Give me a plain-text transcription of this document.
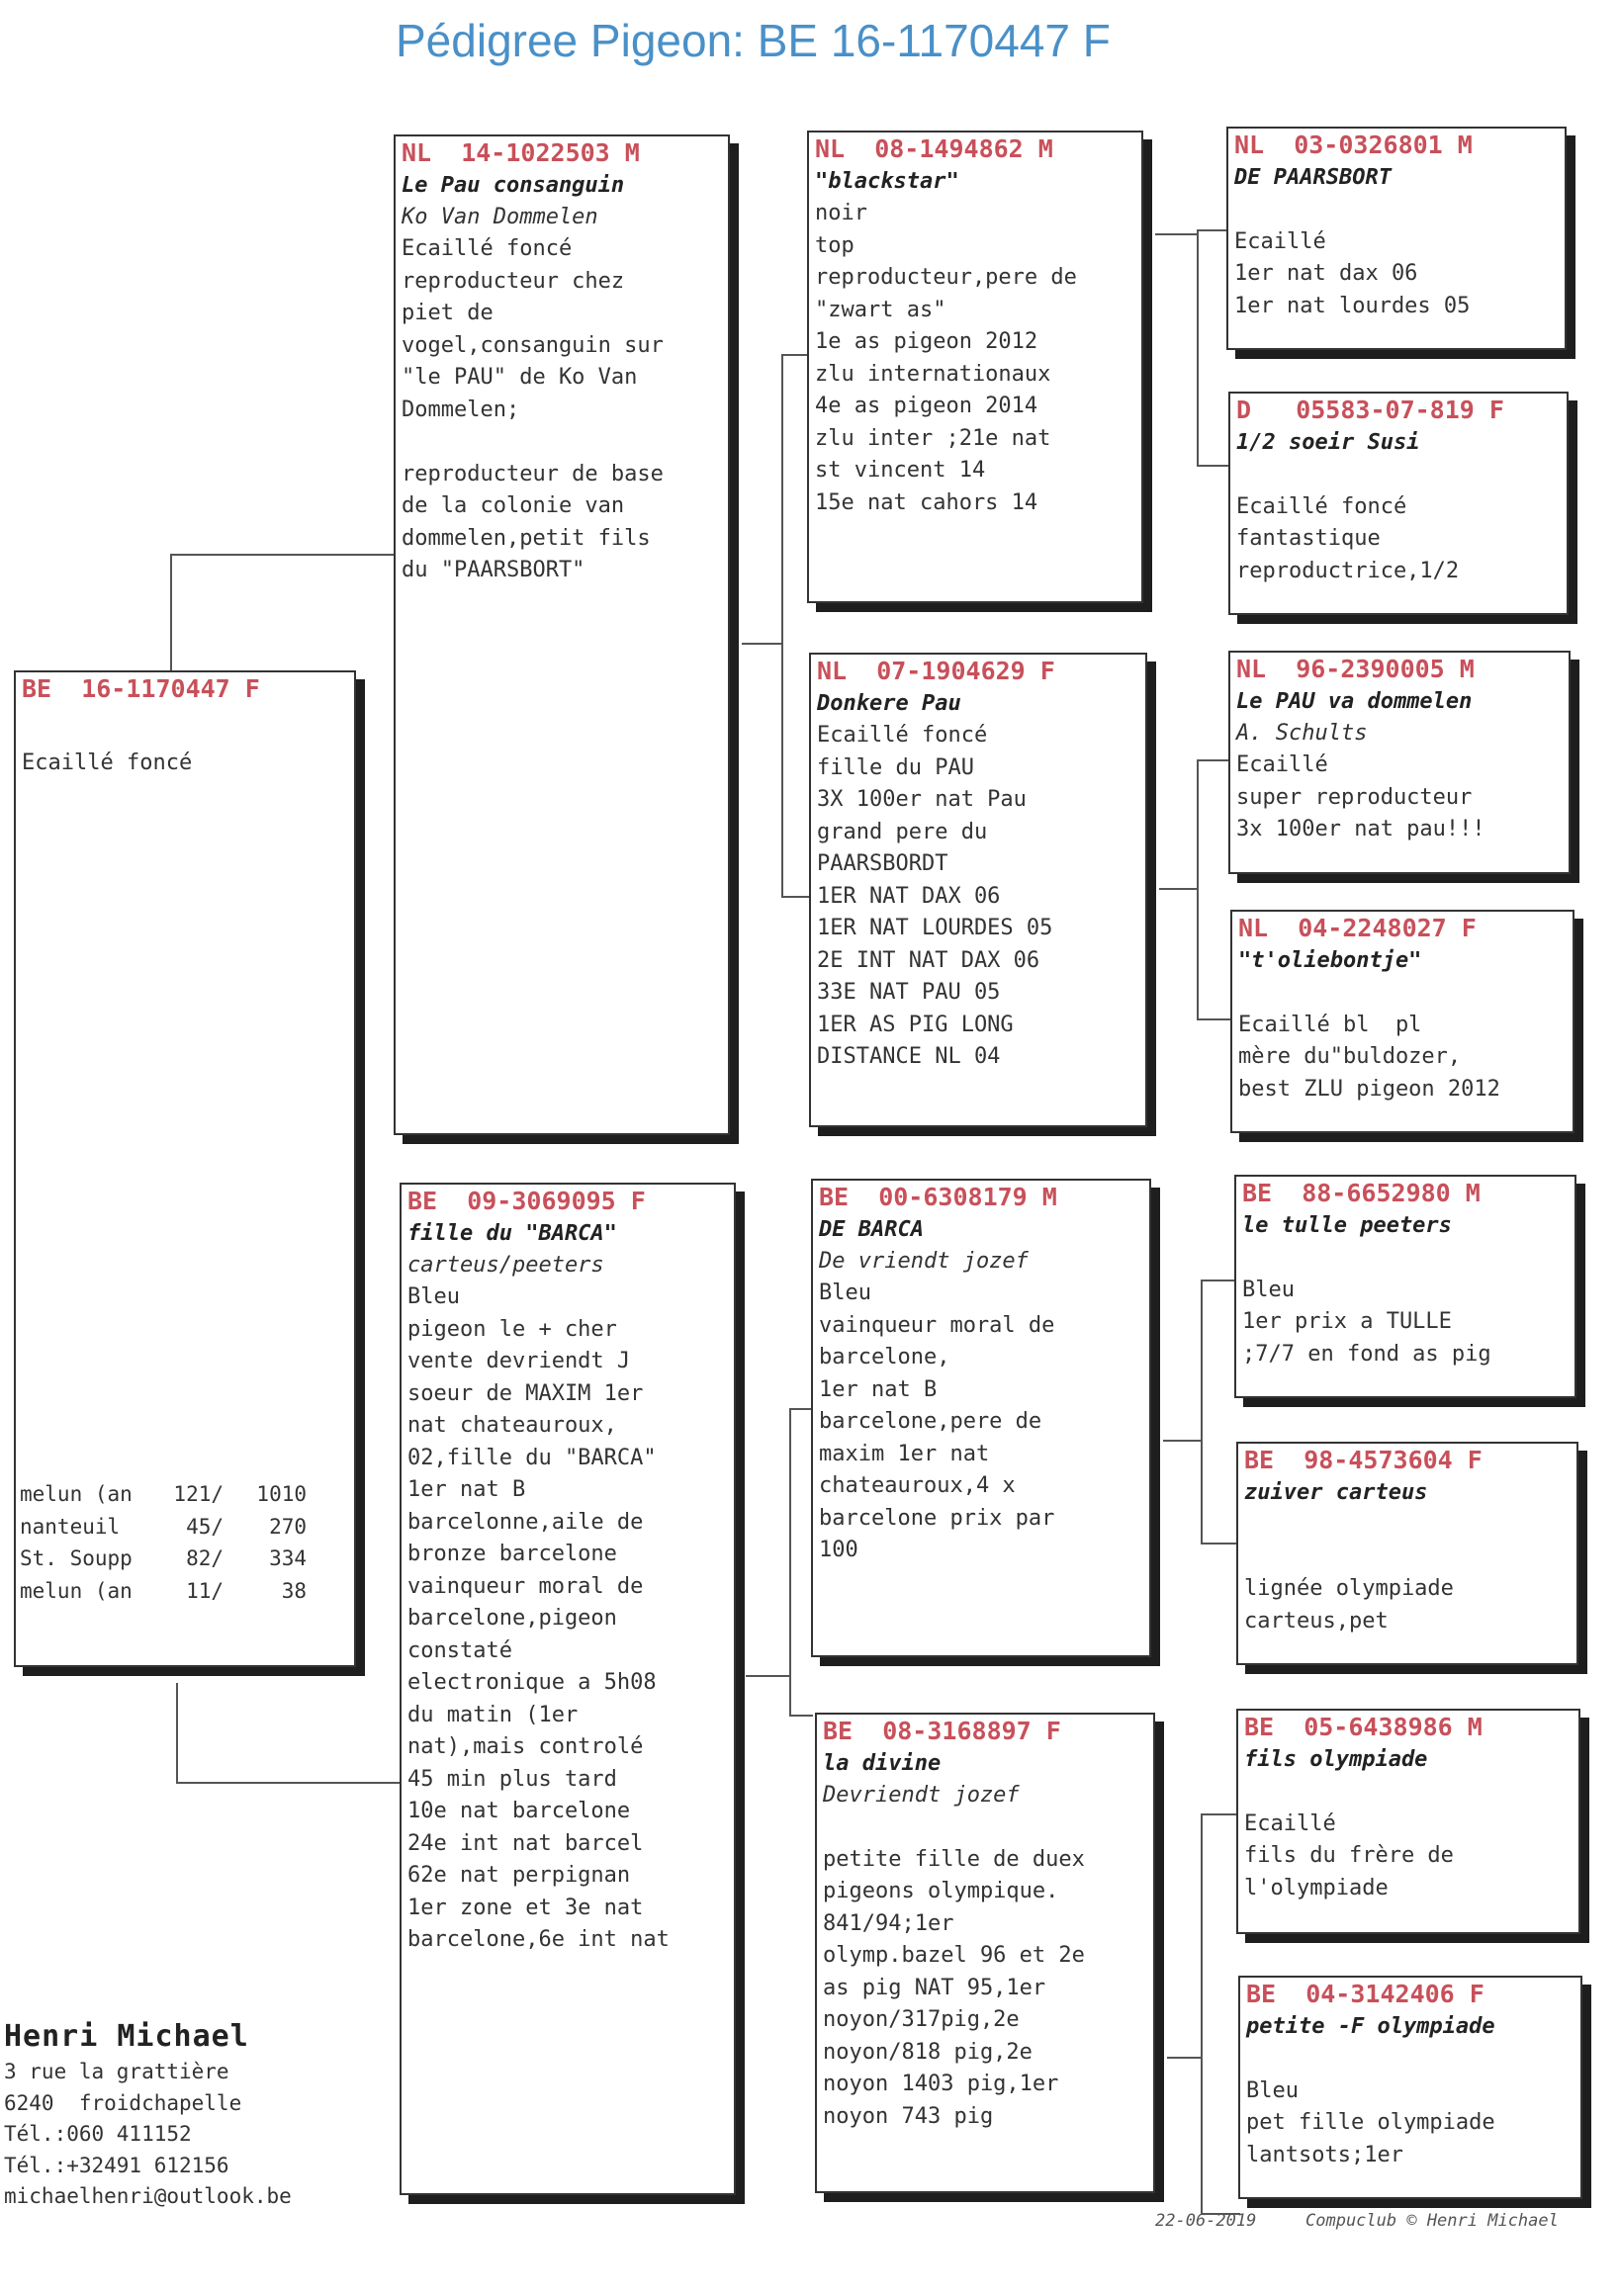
Pédigree Pigeon: BE 16-1170447 F
BE  16-1170447 F
Ecaillé foncé
melun (an	121/	1010
nanteuil	45/	270
St. Soupp	82/	334
melun (an	11/	38
NL  14-1022503 M
Le Pau consanguin
Ko Van Dommelen
Ecaillé foncé
reproducteur chez
piet de
vogel,consanguin sur
"le PAU" de Ko Van
Dommelen;

reproducteur de base
de la colonie van
dommelen,petit fils
du "PAARSBORT"
BE  09-3069095 F
fille du "BARCA"
carteus/peeters
Bleu
pigeon le + cher
vente devriendt J
soeur de MAXIM 1er
nat chateauroux,
02,fille du "BARCA"
1er nat B
barcelonne,aile de
bronze barcelone
vainqueur moral de
barcelone,pigeon
constaté
electronique a 5h08
du matin (1er
nat),mais controlé
45 min plus tard
10e nat barcelone
24e int nat barcel
62e nat perpignan
1er zone et 3e nat
barcelone,6e int nat
NL  08-1494862 M
"blackstar"
noir
top
reproducteur,pere de
"zwart as"
1e as pigeon 2012
zlu internationaux
4e as pigeon 2014
zlu inter ;21e nat
st vincent 14
15e nat cahors 14
NL  07-1904629 F
Donkere Pau
Ecaillé foncé
fille du PAU
3X 100er nat Pau
grand pere du
PAARSBORDT
1ER NAT DAX 06
1ER NAT LOURDES 05
2E INT NAT DAX 06
33E NAT PAU 05
1ER AS PIG LONG
DISTANCE NL 04
BE  00-6308179 M
DE BARCA
De vriendt jozef
Bleu
vainqueur moral de
barcelone,
1er nat B
barcelone,pere de
maxim 1er nat
chateauroux,4 x
barcelone prix par
100
BE  08-3168897 F
la divine
Devriendt jozef

petite fille de duex
pigeons olympique.
841/94;1er
olymp.bazel 96 et 2e
as pig NAT 95,1er
noyon/317pig,2e
noyon/818 pig,2e
noyon 1403 pig,1er
noyon 743 pig
NL  03-0326801 M
DE PAARSBORT

Ecaillé
1er nat dax 06
1er nat lourdes 05
D   05583-07-819 F
1/2 soeir Susi

Ecaillé foncé
fantastique
reproductrice,1/2
NL  96-2390005 M
Le PAU va dommelen
A. Schults
Ecaillé
super reproducteur
3x 100er nat pau!!!
NL  04-2248027 F
"t'oliebontje"

Ecaillé bl  pl
mère du"buldozer,
best ZLU pigeon 2012
BE  88-6652980 M
le tulle peeters

Bleu
1er prix a TULLE
;7/7 en fond as pig
BE  98-4573604 F
zuiver carteus

lignée olympiade
carteus,pet
BE  05-6438986 M
fils olympiade

Ecaillé
fils du frère de
l'olympiade
BE  04-3142406 F
petite -F olympiade

Bleu
pet fille olympiade
lantsots;1er
Henri Michael
3 rue la grattière
6240  froidchapelle
Tél.:060 411152
Tél.:+32491 612156
michaelhenri@outlook.be
22-06-2019	Compuclub © Henri Michael
